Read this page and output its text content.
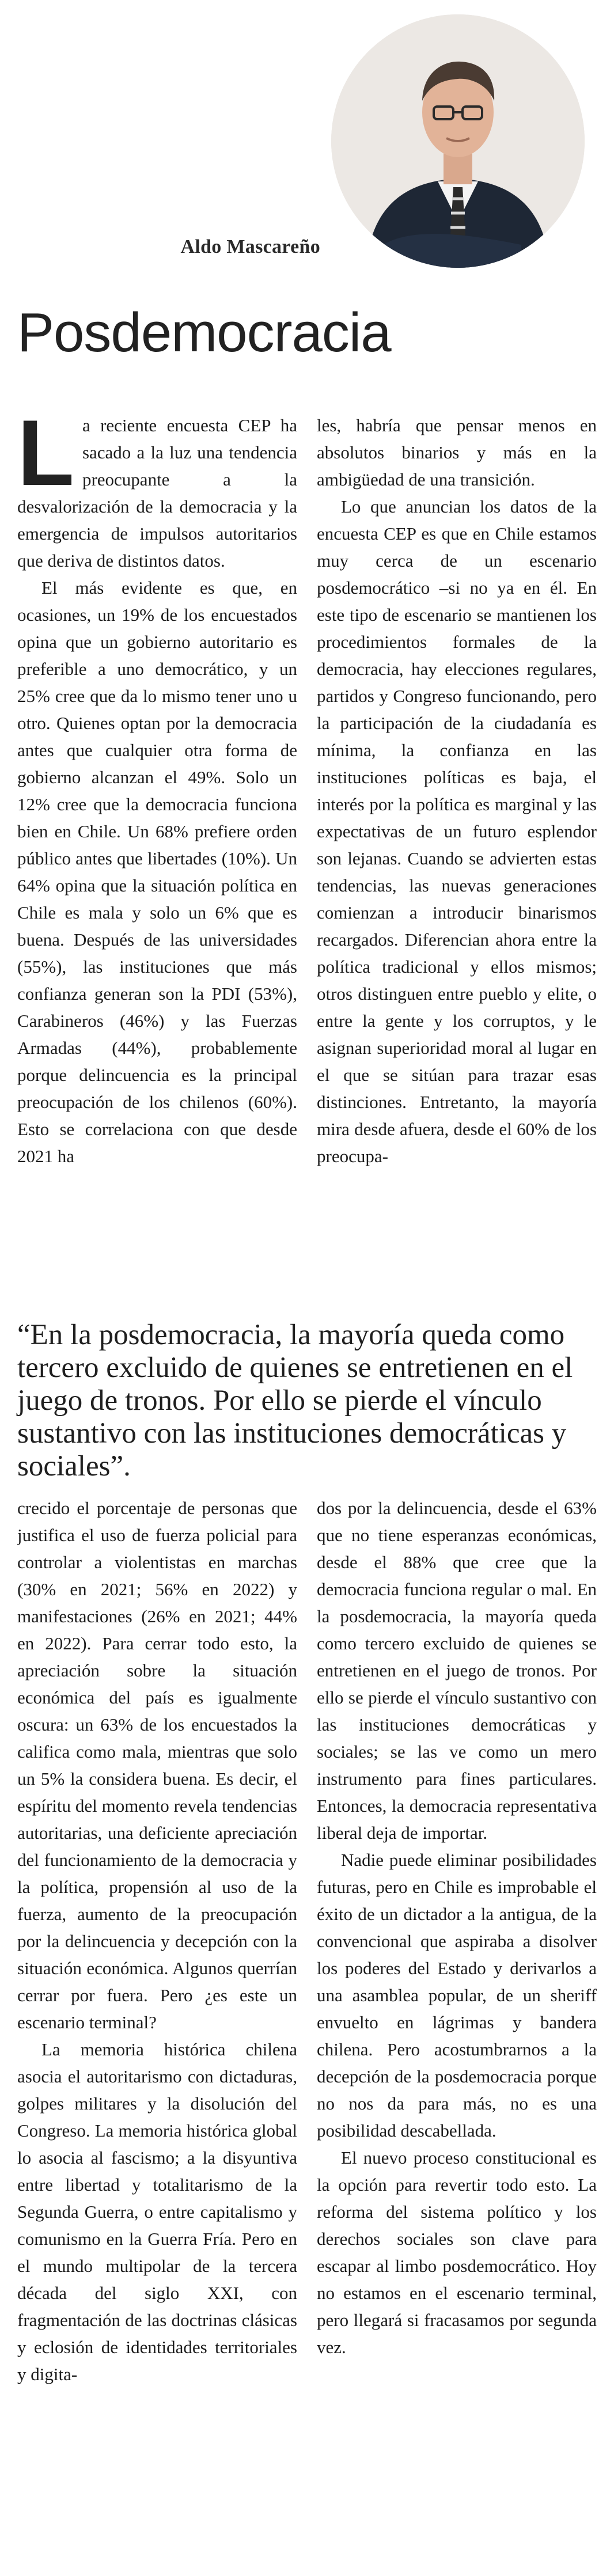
Aldo Mascareño
Posdemocracia
L a reciente encuesta CEP ha sacado a la luz una tendencia preocupante a la desvalorización de la democracia y la emergencia de impulsos autoritarios que deriva de distintos datos.

El más evidente es que, en ocasiones, un 19% de los encuestados opina que un gobierno autoritario es preferible a uno democrático, y un 25% cree que da lo mismo tener uno u otro. Quienes optan por la democracia antes que cualquier otra forma de gobierno alcanzan el 49%. Solo un 12% cree que la democracia funciona bien en Chile. Un 68% prefiere orden público antes que libertades (10%). Un 64% opina que la situación política en Chile es mala y solo un 6% que es buena. Después de las universidades (55%), las instituciones que más confianza generan son la PDI (53%), Carabineros (46%) y las Fuerzas Armadas (44%), probablemente porque delincuencia es la principal preocupación de los chilenos (60%). Esto se correlaciona con que desde 2021 ha

les, habría que pensar menos en absolutos binarios y más en la ambigüedad de una transición.

Lo que anuncian los datos de la encuesta CEP es que en Chile estamos muy cerca de un escenario posdemocrático –si no ya en él. En este tipo de escenario se mantienen los procedimientos formales de la democracia, hay elecciones regulares, partidos y Congreso funcionando, pero la participación de la ciudadanía es mínima, la confianza en las instituciones políticas es baja, el interés por la política es marginal y las expectativas de un futuro esplendor son lejanas. Cuando se advierten estas tendencias, las nuevas generaciones comienzan a introducir binarismos recargados. Diferencian ahora entre la política tradicional y ellos mismos; otros distinguen entre pueblo y elite, o entre la gente y los corruptos, y le asignan superioridad moral al lugar en el que se sitúan para trazar esas distinciones. Entretanto, la mayoría mira desde afuera, desde el 60% de los preocupa-

“En la posdemocracia, la mayoría queda como tercero excluido de quienes se entretienen en el juego de tronos. Por ello se pierde el vínculo sustantivo con las instituciones democráticas y sociales”.

crecido el porcentaje de personas que justifica el uso de fuerza policial para controlar a violentistas en marchas (30% en 2021; 56% en 2022) y manifestaciones (26% en 2021; 44% en 2022). Para cerrar todo esto, la apreciación sobre la situación económica del país es igualmente oscura: un 63% de los encuestados la califica como mala, mientras que solo un 5% la considera buena. Es decir, el espíritu del momento revela tendencias autoritarias, una deficiente apreciación del funcionamiento de la democracia y la política, propensión al uso de la fuerza, aumento de la preocupación por la delincuencia y decepción con la situación económica. Algunos querrían cerrar por fuera. Pero ¿es este un escenario terminal?

La memoria histórica chilena asocia el autoritarismo con dictaduras, golpes militares y la disolución del Congreso. La memoria histórica global lo asocia al fascismo; a la disyuntiva entre libertad y totalitarismo de la Segunda Guerra, o entre capitalismo y comunismo en la Guerra Fría. Pero en el mundo multipolar de la tercera década del siglo XXI, con fragmentación de las doctrinas clásicas y eclosión de identidades territoriales y digita-

dos por la delincuencia, desde el 63% que no tiene esperanzas económicas, desde el 88% que cree que la democracia funciona regular o mal. En la posdemocracia, la mayoría queda como tercero excluido de quienes se entretienen en el juego de tronos. Por ello se pierde el vínculo sustantivo con las instituciones democráticas y sociales; se las ve como un mero instrumento para fines particulares. Entonces, la democracia representativa liberal deja de importar.

Nadie puede eliminar posibilidades futuras, pero en Chile es improbable el éxito de un dictador a la antigua, de la convencional que aspiraba a disolver los poderes del Estado y derivarlos a una asamblea popular, de un sheriff envuelto en lágrimas y bandera chilena. Pero acostumbrarnos a la decepción de la posdemocracia porque no nos da para más, no es una posibilidad descabellada.

El nuevo proceso constitucional es la opción para revertir todo esto. La reforma del sistema político y los derechos sociales son clave para escapar al limbo posdemocrático. Hoy no estamos en el escenario terminal, pero llegará si fracasamos por segunda vez.
